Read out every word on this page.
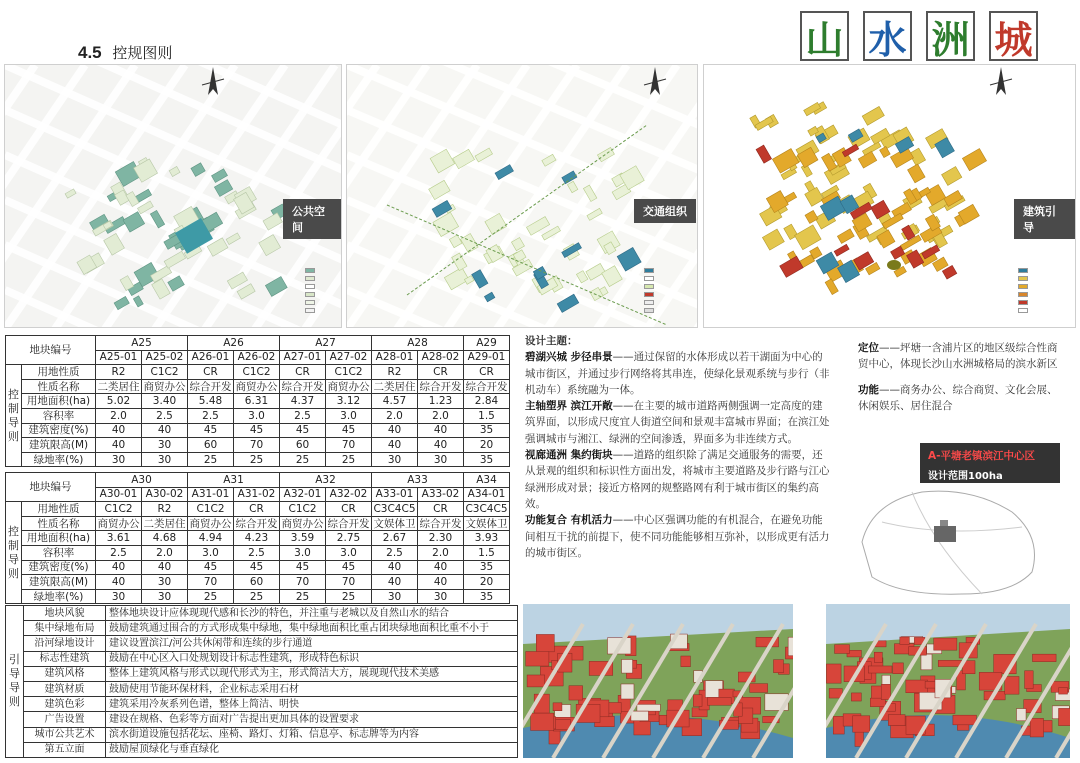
4.5 控规图则	山 水 洲 城
公共空间
交通组织	建筑引导
地块编号		A25		A26		A27		A28		A29
		A25-01	A25-02	A26-01	A26-02	A27-01	A27-02	A28-01	A28-02	A29-01
控制导则	用地性质	R2	C1C2	CR	C1C2	CR	C1C2	R2	CR	CR
	性质名称	二类居住	商贸办公	综合开发	商贸办公	综合开发	商贸办公	二类居住	综合开发	综合开发
	用地面积(ha)	5.02	3.40	5.48	6.31	4.37	3.12	4.57	1.23	2.84
	容积率	2.0	2.5	2.5	3.0	2.5	3.0	2.0	2.0	1.5
	建筑密度(%)	40	40	45	45	45	45	40	40	35
	建筑限高(M)	40	30	60	70	60	70	40	40	20
	绿地率(%)	30	30	25	25	25	25	30	30	35
地块编号		A30		A31		A32		A33		A34
		A30-01	A30-02	A31-01	A31-02	A32-01	A32-02	A33-01	A33-02	A34-01
控制导则	用地性质	C1C2	R2	C1C2	CR	C1C2	CR	C3C4C5	CR	C3C4C5
	性质名称	商贸办公	二类居住	商贸办公	综合开发	商贸办公	综合开发	文娱体卫	综合开发	文娱体卫
	用地面积(ha)	3.61	4.68	4.94	4.23	3.59	2.75	2.67	2.30	3.93
	容积率	2.5	2.0	3.0	2.5	3.0	3.0	2.5	2.0	1.5
	建筑密度(%)	40	40	45	45	45	45	40	40	35
	建筑限高(M)	40	30	70	60	70	70	40	40	20
	绿地率(%)	30	30	25	25	25	25	30	30	35
引导导则	地块风貌	整体地块设计应体现现代感和长沙的特色，并注重与老城以及自然山水的结合
	集中绿地布局	鼓励建筑通过围合的方式形成集中绿地，集中绿地面积比重占团块绿地面积比重不小于
	沿河绿地设计	建议设置滨江/河公共休闲带和连续的步行通道
	标志性建筑	鼓励在中心区入口处规划设计标志性建筑，形成特色标识
	建筑风格	整体上建筑风格与形式以现代形式为主，形式简洁大方，展现现代技术美感
	建筑材质	鼓励使用节能环保材料，企业标志采用石材
	建筑色彩	建筑采用冷灰系列色谱，整体上简洁、明快
	广告设置	建设在规格、色彩等方面对广告提出更加具体的设置要求
	城市公共艺术	滨水街道设施包括花坛、座椅、路灯、灯箱、信息亭、标志牌等为内容
	第五立面	鼓励屋顶绿化与垂直绿化
设计主题：
碧湖兴城 步径串景——通过保留的水体形成以若干湖面为中心的城市街区，并通过步行网络将其串连，使绿化景观系统与步行（非机动车）系统融为一体。
主轴塑界 滨江开敞——在主要的城市道路两侧强调一定高度的建筑界面，以形成尺度宜人街道空间和景观丰富城市界面；在滨江处强调城市与湘江、绿洲的空间渗透，界面多为非连续方式。
视廊通洲 集约街块——道路的组织除了满足交通服务的需要，还从景观的组织和标识性方面出发，将城市主要道路及步行路与江心绿洲形成对景；接近方格网的规整路网有利于城市街区的集约高效。
功能复合 有机活力——中心区强调功能的有机混合，在避免功能间相互干扰的前提下，使不同功能能够相互弥补，以形成更有活力的城市街区。
定位——坪塘一含浦片区的地区级综合性商贸中心，体现长沙山水洲城格局的滨水新区
功能——商务办公、综合商贸、文化会展、休闲娱乐、居住混合
A-平塘老镇滨江中心区
设计范围100ha
